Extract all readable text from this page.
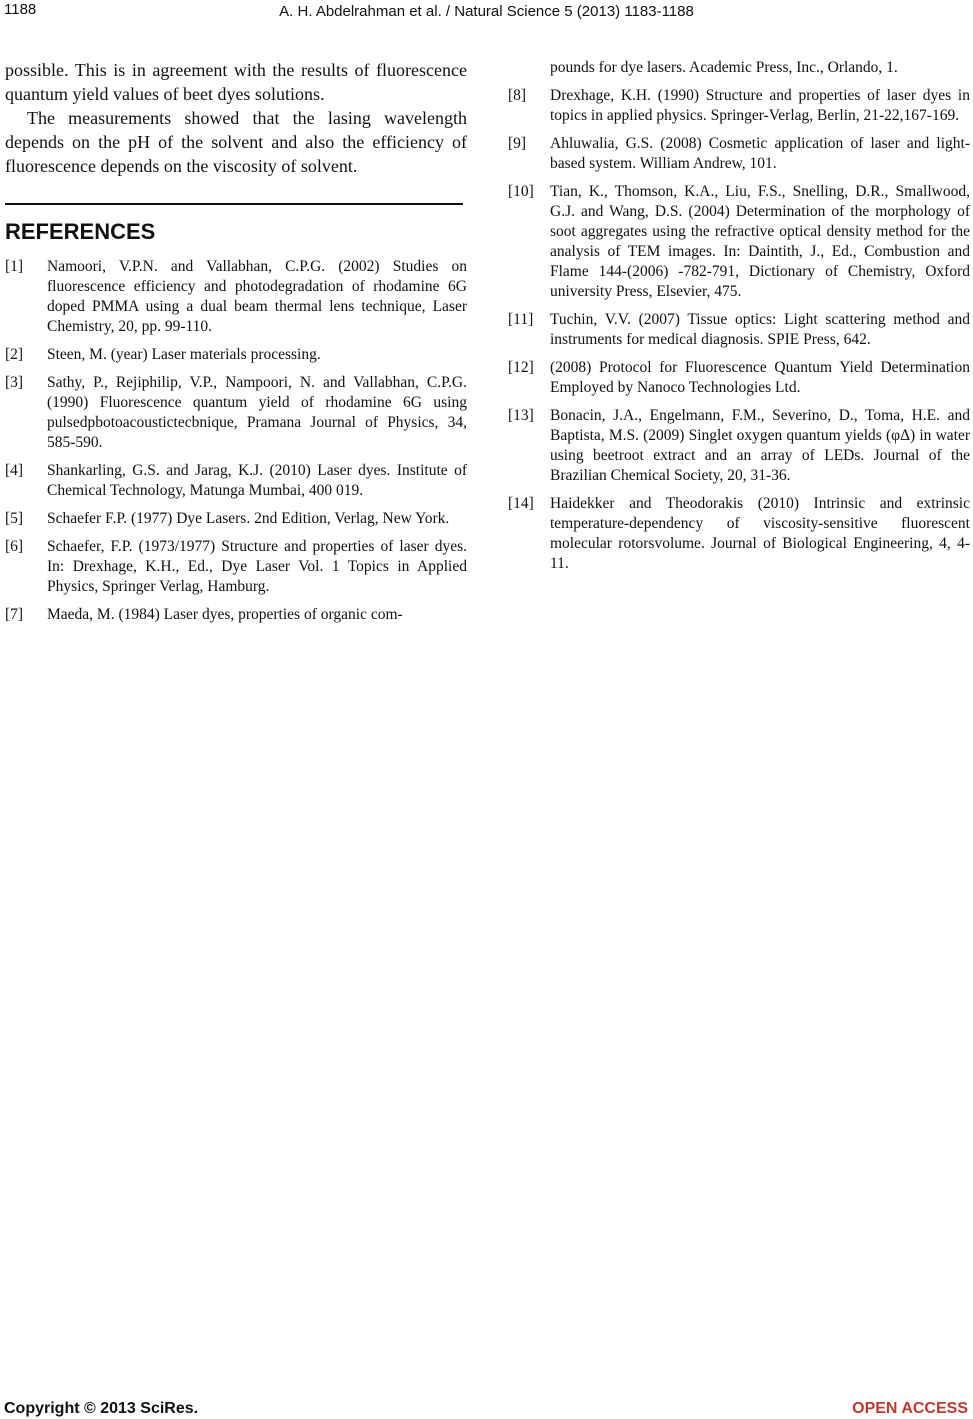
1188	A. H. Abdelrahman et al. / Natural Science 5 (2013) 1183-1188

possible. This is in agreement with the results of fluorescence quantum yield values of beet dyes solutions.

The measurements showed that the lasing wavelength depends on the pH of the solvent and also the efficiency of fluorescence depends on the viscosity of solvent.

REFERENCES
[1]	Namoori, V.P.N. and Vallabhan, C.P.G. (2002) Studies on fluorescence efficiency and photodegradation of rhodamine 6G doped PMMA using a dual beam thermal lens technique, Laser Chemistry, 20, pp. 99-110.
[2]	Steen, M. (year) Laser materials processing.
[3]	Sathy, P., Rejiphilip, V.P., Nampoori, N. and Vallabhan, C.P.G. (1990) Fluorescence quantum yield of rhodamine 6G using pulsedpbotoacoustictecbnique, Pramana Journal of Physics, 34, 585-590.
[4]	Shankarling, G.S. and Jarag, K.J. (2010) Laser dyes. Institute of Chemical Technology, Matunga Mumbai, 400 019.
[5]	Schaefer F.P. (1977) Dye Lasers. 2nd Edition, Verlag, New York.
[6]	Schaefer, F.P. (1973/1977) Structure and properties of laser dyes. In: Drexhage, K.H., Ed., Dye Laser Vol. 1 Topics in Applied Physics, Springer Verlag, Hamburg.
[7]	Maeda, M. (1984) Laser dyes, properties of organic com-
pounds for dye lasers. Academic Press, Inc., Orlando, 1.
[8]	Drexhage, K.H. (1990) Structure and properties of laser dyes in topics in applied physics. Springer-Verlag, Berlin, 21-22,167-169.
[9]	Ahluwalia, G.S. (2008) Cosmetic application of laser and light-based system. William Andrew, 101.
[10]	Tian, K., Thomson, K.A., Liu, F.S., Snelling, D.R., Smallwood, G.J. and Wang, D.S. (2004) Determination of the morphology of soot aggregates using the refractive optical density method for the analysis of TEM images. In: Daintith, J., Ed., Combustion and Flame 144-(2006) -782-791, Dictionary of Chemistry, Oxford university Press, Elsevier, 475.
[11]	Tuchin, V.V. (2007) Tissue optics: Light scattering method and instruments for medical diagnosis. SPIE Press, 642.
[12]	(2008) Protocol for Fluorescence Quantum Yield Determination Employed by Nanoco Technologies Ltd.
[13]	Bonacin, J.A., Engelmann, F.M., Severino, D., Toma, H.E. and Baptista, M.S. (2009) Singlet oxygen quantum yields (φΔ) in water using beetroot extract and an array of LEDs. Journal of the Brazilian Chemical Society, 20, 31-36.
[14]	Haidekker and Theodorakis (2010) Intrinsic and extrinsic temperature-dependency of viscosity-sensitive fluorescent molecular rotorsvolume. Journal of Biological Engineering, 4, 4-11.
Copyright © 2013 SciRes.	OPEN ACCESS
